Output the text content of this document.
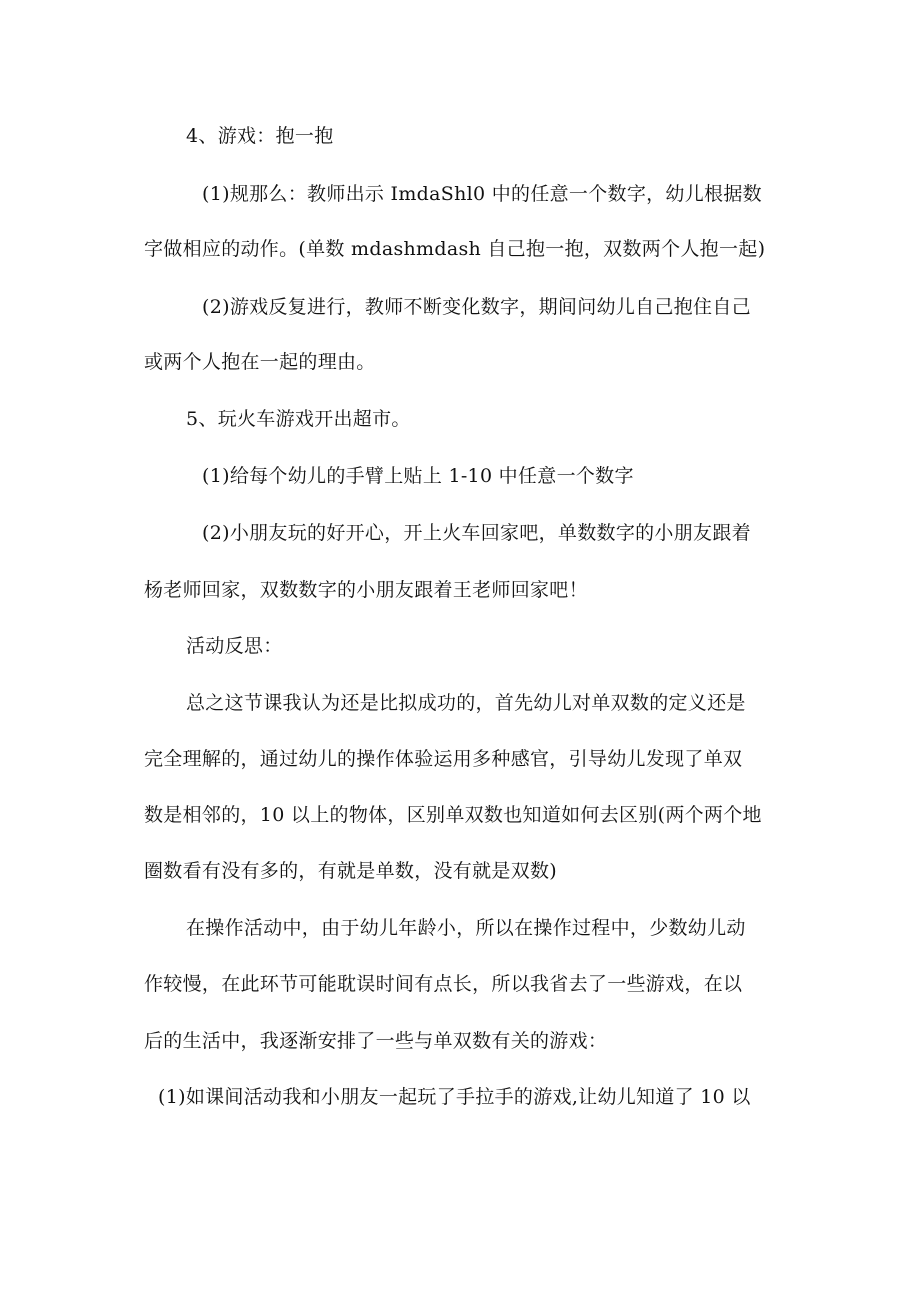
4、游戏：抱一抱
(1)规那么：教师出示 ImdaShl0 中的任意一个数字，幼儿根据数
字做相应的动作。(单数 mdashmdash 自己抱一抱，双数两个人抱一起)
(2)游戏反复进行，教师不断变化数字，期间问幼儿自己抱住自己
或两个人抱在一起的理由。
5、玩火车游戏开出超市。
(1)给每个幼儿的手臂上贴上 1-10 中任意一个数字
(2)小朋友玩的好开心，开上火车回家吧，单数数字的小朋友跟着
杨老师回家，双数数字的小朋友跟着王老师回家吧！
活动反思：
总之这节课我认为还是比拟成功的，首先幼儿对单双数的定义还是
完全理解的，通过幼儿的操作体验运用多种感官，引导幼儿发现了单双
数是相邻的，10 以上的物体，区别单双数也知道如何去区别(两个两个地
圈数看有没有多的，有就是单数，没有就是双数)
在操作活动中，由于幼儿年龄小，所以在操作过程中，少数幼儿动
作较慢，在此环节可能耽误时间有点长，所以我省去了一些游戏，在以
后的生活中，我逐渐安排了一些与单双数有关的游戏：
(1)如课间活动我和小朋友一起玩了手拉手的游戏,让幼儿知道了 10 以
